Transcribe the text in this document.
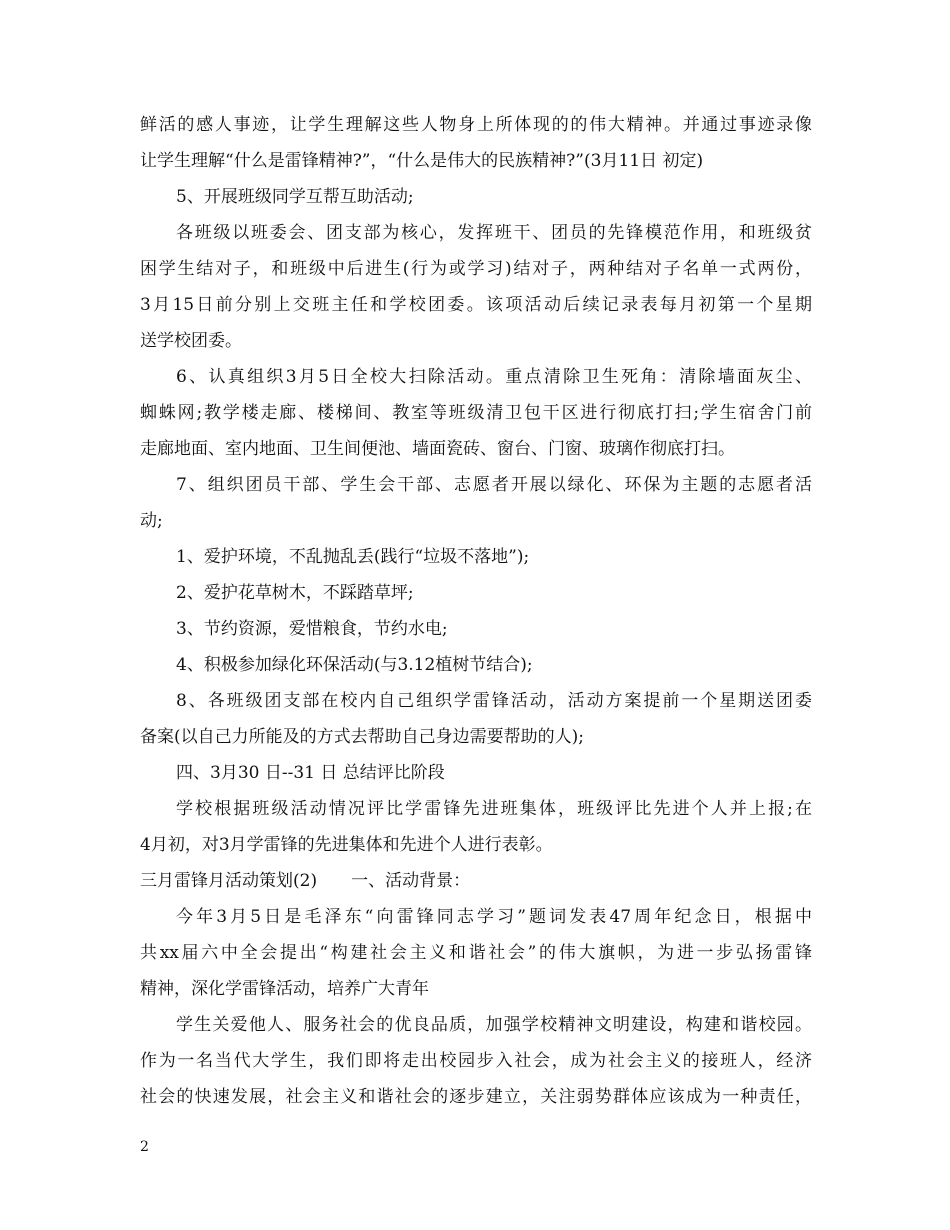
鲜活的感人事迹，让学生理解这些人物身上所体现的的伟大精神。并通过事迹录像
让学生理解“什么是雷锋精神?”，“什么是伟大的民族精神?”(3月11日 初定)
5、开展班级同学互帮互助活动;
各班级以班委会、团支部为核心，发挥班干、团员的先锋模范作用，和班级贫
困学生结对子，和班级中后进生(行为或学习)结对子，两种结对子名单一式两份，
3月15日前分别上交班主任和学校团委。该项活动后续记录表每月初第一个星期
送学校团委。
6、认真组织3月5日全校大扫除活动。重点清除卫生死角：清除墙面灰尘、
蜘蛛网;教学楼走廊、楼梯间、教室等班级清卫包干区进行彻底打扫;学生宿舍门前
走廊地面、室内地面、卫生间便池、墙面瓷砖、窗台、门窗、玻璃作彻底打扫。
7、组织团员干部、学生会干部、志愿者开展以绿化、环保为主题的志愿者活
动;
1、爱护环境，不乱抛乱丢(践行“垃圾不落地”);
2、爱护花草树木，不踩踏草坪;
3、节约资源，爱惜粮食，节约水电;
4、积极参加绿化环保活动(与3.12植树节结合);
8、各班级团支部在校内自己组织学雷锋活动，活动方案提前一个星期送团委
备案(以自己力所能及的方式去帮助自己身边需要帮助的人);
四、3月30 日--31 日 总结评比阶段
学校根据班级活动情况评比学雷锋先进班集体，班级评比先进个人并上报;在
4月初，对3月学雷锋的先进集体和先进个人进行表彰。
三月雷锋月活动策划(2)　　一、活动背景：
今年3月5日是毛泽东“向雷锋同志学习”题词发表47周年纪念日，根据中
共xx届六中全会提出“构建社会主义和谐社会”的伟大旗帜，为进一步弘扬雷锋
精神，深化学雷锋活动，培养广大青年
学生关爱他人、服务社会的优良品质，加强学校精神文明建设，构建和谐校园。
作为一名当代大学生，我们即将走出校园步入社会，成为社会主义的接班人，经济
社会的快速发展，社会主义和谐社会的逐步建立，关注弱势群体应该成为一种责任，
2
